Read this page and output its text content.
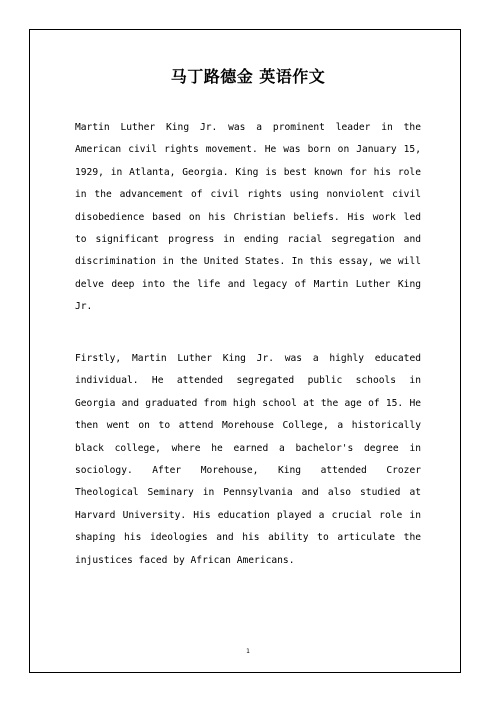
马丁路德金 英语作文

Martin Luther King Jr. was a prominent leader in the American civil rights movement. He was born on January 15, 1929, in Atlanta, Georgia. King is best known for his role in the advancement of civil rights using nonviolent civil disobedience based on his Christian beliefs. His work led to significant progress in ending racial segregation and discrimination in the United States. In this essay, we will delve deep into the life and legacy of Martin Luther King Jr.

Firstly, Martin Luther King Jr. was a highly educated individual. He attended segregated public schools in Georgia and graduated from high school at the age of 15. He then went on to attend Morehouse College, a historically black college, where he earned a bachelor's degree in sociology. After Morehouse, King attended Crozer Theological Seminary in Pennsylvania and also studied at Harvard University. His education played a crucial role in shaping his ideologies and his ability to articulate the injustices faced by African Americans.

1
